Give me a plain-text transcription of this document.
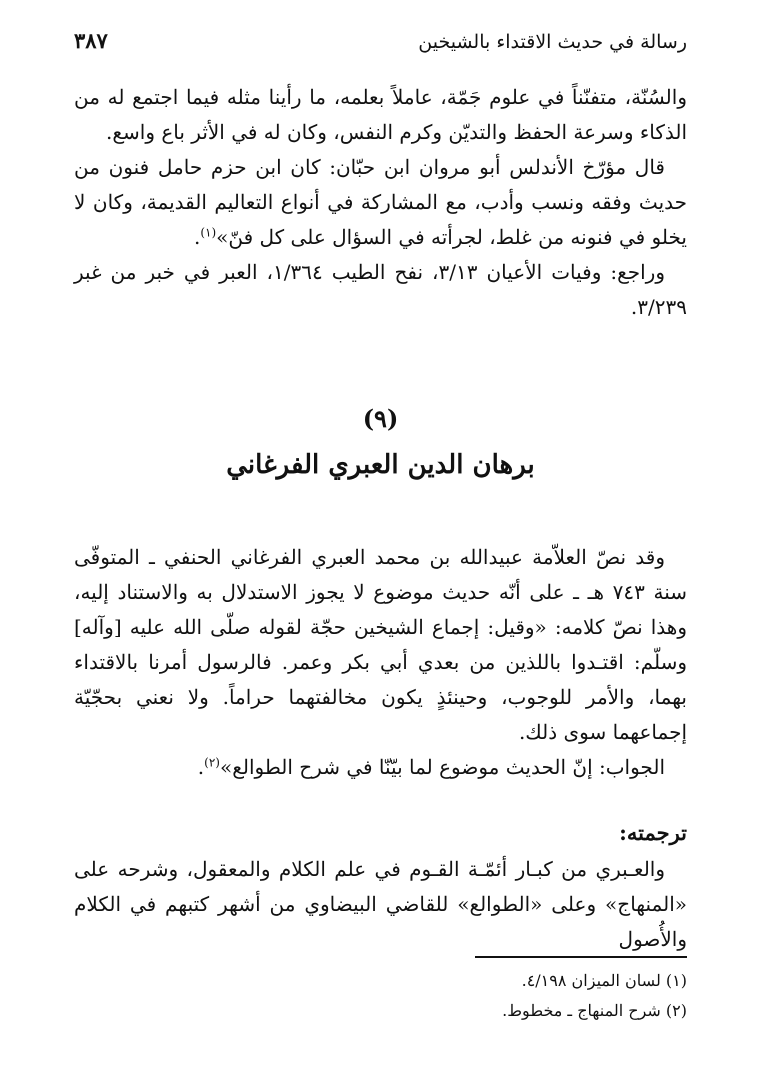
رسالة في حديث الاقتداء بالشيخين
٣٨٧

والسُنّة، متفنّناً في علوم جَمّة، عاملاً بعلمه، ما رأينا مثله فيما اجتمع له من الذكاء وسرعة الحفظ والتديّن وكرم النفس، وكان له في الأثر باع واسع.

قال مؤرّخ الأندلس أبو مروان ابن حبّان: كان ابن حزم حامل فنون من حديث وفقه ونسب وأدب، مع المشاركة في أنواع التعاليم القديمة، وكان لا يخلو في فنونه من غلط، لجرأته في السؤال على كل فنّ»$^{(١)}$.

وراجع: وفيات الأعيان ٣/١٣، نفح الطيب ١/٣٦٤، العبر في خبر من غبر ٣/٢٣٩.

(٩)
برهان الدين العبري الفرغاني

وقد نصّ العلاّمة عبيدالله بن محمد العبري الفرغاني الحنفي ـ المتوفّى سنة ٧٤٣ هـ ـ على أنّه حديث موضوع لا يجوز الاستدلال به والاستناد إليه، وهذا نصّ كلامه: «وقيل: إجماع الشيخين حجّة لقوله صلّى الله عليه [وآله] وسلّم: اقتـدوا باللذين من بعدي أبي بكر وعمر. فالرسول أمرنا بالاقتداء بهما، والأمر للوجوب، وحينئذٍ يكون مخالفتهما حراماً. ولا نعني بحجّيّة إجماعهما سوى ذلك.

الجواب: إنّ الحديث موضوع لما بيّنّا في شرح الطوالع»$^{(٢)}$.

ترجمته:

والعـبري من كبـار أئمّـة القـوم في علم الكلام والمعقول، وشرحه على «المنهاج» وعلى «الطوالع» للقاضي البيضاوي من أشهر كتبهم في الكلام والأُصول

(١) لسان الميزان ٤/١٩٨.
(٢) شرح المنهاج ـ مخطوط.
